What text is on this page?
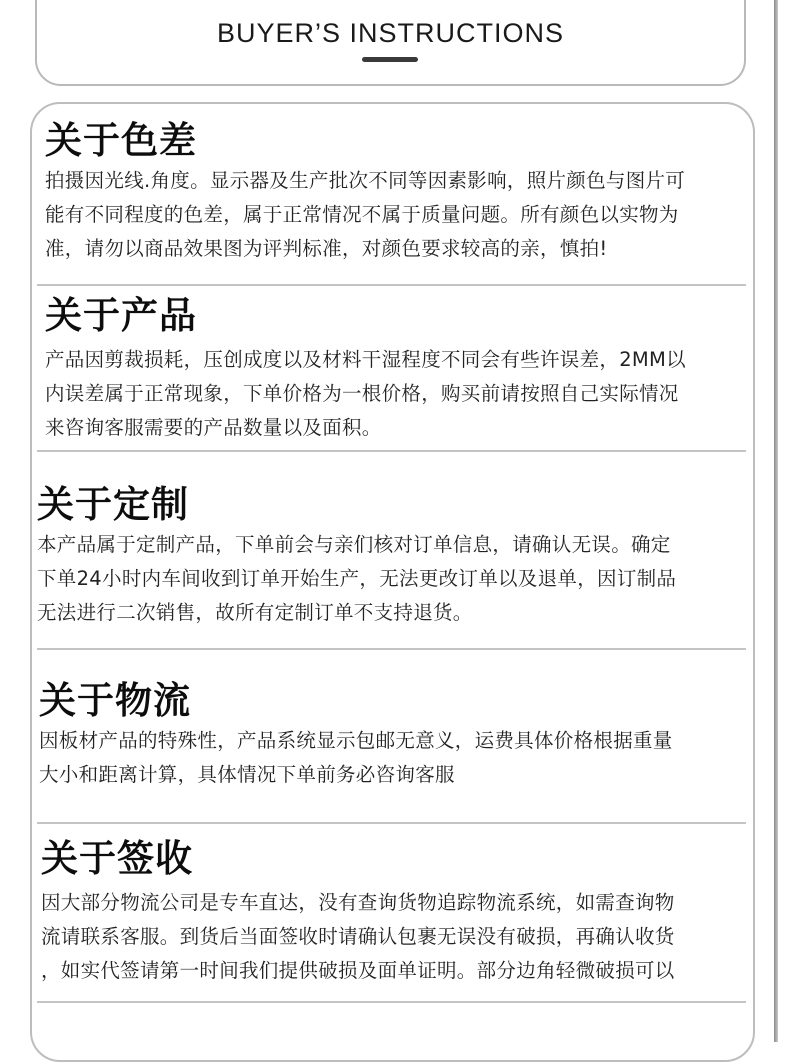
BUYER’S INSTRUCTIONS
关于色差
拍摄因光线.角度。显示器及生产批次不同等因素影响，照片颜色与图片可
能有不同程度的色差，属于正常情况不属于质量问题。所有颜色以实物为
准，请勿以商品效果图为评判标准，对颜色要求较高的亲，慎拍!
关于产品
产品因剪裁损耗，压创成度以及材料干湿程度不同会有些许误差，2MM以
内误差属于正常现象，下单价格为一根价格，购买前请按照自己实际情况
来咨询客服需要的产品数量以及面积。
关于定制
本产品属于定制产品，下单前会与亲们核对订单信息，请确认无误。确定
下单24小时内车间收到订单开始生产，无法更改订单以及退单，因订制品
无法进行二次销售，故所有定制订单不支持退货。
关于物流
因板材产品的特殊性，产品系统显示包邮无意义，运费具体价格根据重量
大小和距离计算，具体情况下单前务必咨询客服
关于签收
因大部分物流公司是专车直达，没有查询货物追踪物流系统，如需查询物
流请联系客服。到货后当面签收时请确认包裹无误没有破损，再确认收货
，如实代签请第一时间我们提供破损及面单证明。部分边角轻微破损可以
